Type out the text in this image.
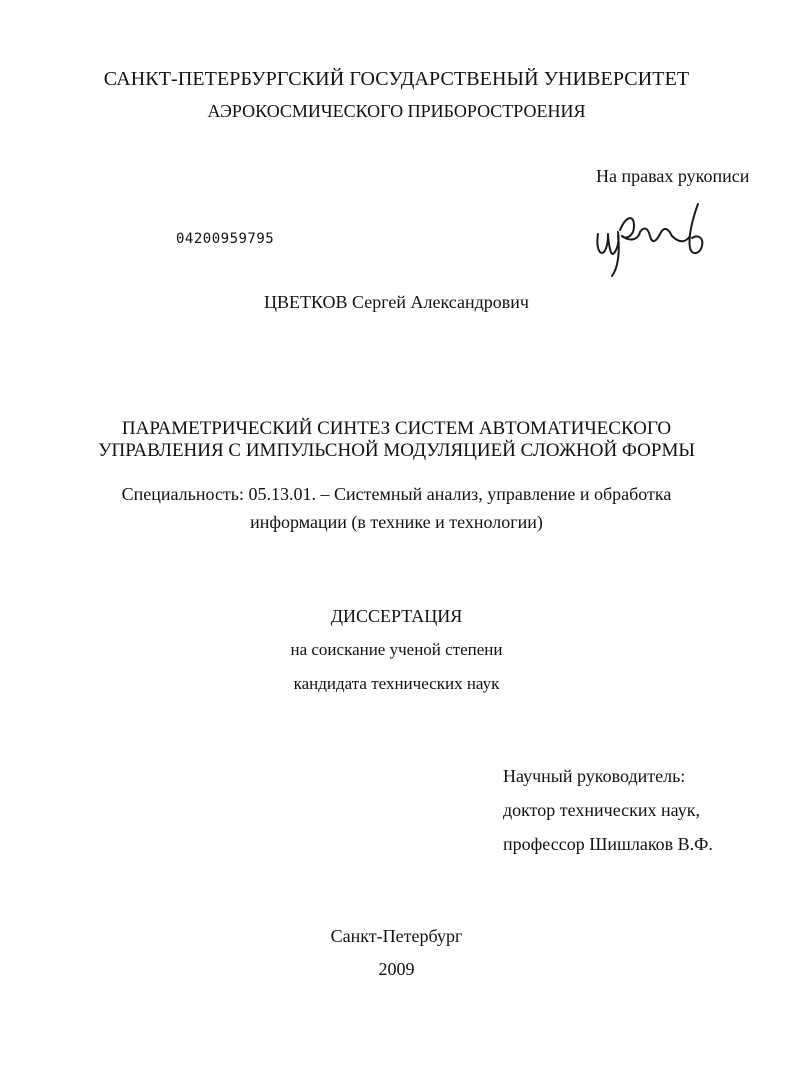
САНКТ-ПЕТЕРБУРГСКИЙ ГОСУДАРСТВЕНЫЙ УНИВЕРСИТЕТ
АЭРОКОСМИЧЕСКОГО ПРИБОРОСТРОЕНИЯ
На правах рукописи
04200959795
ЦВЕТКОВ Сергей Александрович
ПАРАМЕТРИЧЕСКИЙ СИНТЕЗ СИСТЕМ АВТОМАТИЧЕСКОГО
УПРАВЛЕНИЯ С ИМПУЛЬСНОЙ МОДУЛЯЦИЕЙ СЛОЖНОЙ ФОРМЫ
Специальность: 05.13.01. – Системный анализ, управление и обработка
информации (в технике и технологии)
ДИССЕРТАЦИЯ
на соискание ученой степени
кандидата технических наук
Научный руководитель:
доктор технических наук,
профессор Шишлаков В.Ф.
Санкт-Петербург
2009
